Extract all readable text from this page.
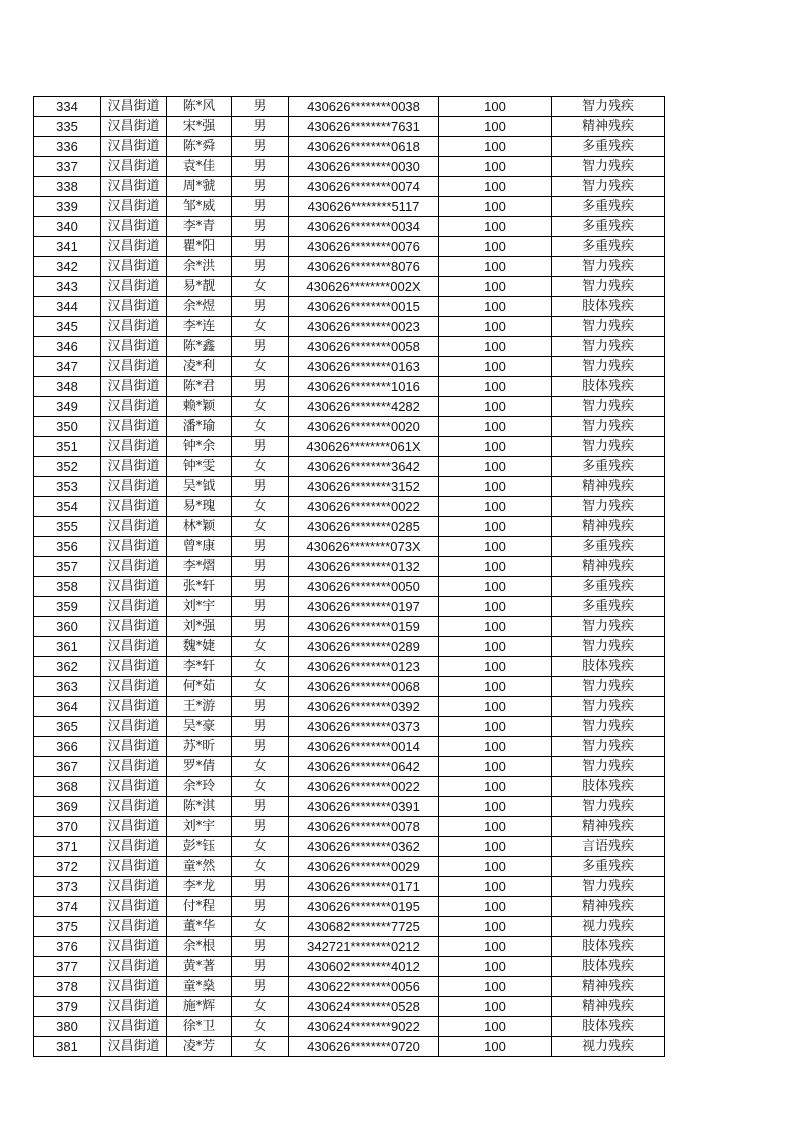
334	汉昌街道	陈*风	男	430626********0038	100	智力残疾
335	汉昌街道	宋*强	男	430626********7631	100	精神残疾
336	汉昌街道	陈*舜	男	430626********0618	100	多重残疾
337	汉昌街道	袁*佳	男	430626********0030	100	智力残疾
338	汉昌街道	周*虢	男	430626********0074	100	智力残疾
339	汉昌街道	邹*威	男	430626********5117	100	多重残疾
340	汉昌街道	李*青	男	430626********0034	100	多重残疾
341	汉昌街道	瞿*阳	男	430626********0076	100	多重残疾
342	汉昌街道	余*洪	男	430626********8076	100	智力残疾
343	汉昌街道	易*靓	女	430626********002X	100	智力残疾
344	汉昌街道	余*煜	男	430626********0015	100	肢体残疾
345	汉昌街道	李*连	女	430626********0023	100	智力残疾
346	汉昌街道	陈*鑫	男	430626********0058	100	智力残疾
347	汉昌街道	凌*利	女	430626********0163	100	智力残疾
348	汉昌街道	陈*君	男	430626********1016	100	肢体残疾
349	汉昌街道	赖*颖	女	430626********4282	100	智力残疾
350	汉昌街道	潘*瑜	女	430626********0020	100	智力残疾
351	汉昌街道	钟*余	男	430626********061X	100	智力残疾
352	汉昌街道	钟*雯	女	430626********3642	100	多重残疾
353	汉昌街道	吴*钺	男	430626********3152	100	精神残疾
354	汉昌街道	易*瑰	女	430626********0022	100	智力残疾
355	汉昌街道	林*颖	女	430626********0285	100	精神残疾
356	汉昌街道	曾*康	男	430626********073X	100	多重残疾
357	汉昌街道	李*熠	男	430626********0132	100	精神残疾
358	汉昌街道	张*轩	男	430626********0050	100	多重残疾
359	汉昌街道	刘*宇	男	430626********0197	100	多重残疾
360	汉昌街道	刘*强	男	430626********0159	100	智力残疾
361	汉昌街道	魏*婕	女	430626********0289	100	智力残疾
362	汉昌街道	李*轩	女	430626********0123	100	肢体残疾
363	汉昌街道	何*茹	女	430626********0068	100	智力残疾
364	汉昌街道	王*游	男	430626********0392	100	智力残疾
365	汉昌街道	吴*豪	男	430626********0373	100	智力残疾
366	汉昌街道	苏*昕	男	430626********0014	100	智力残疾
367	汉昌街道	罗*倩	女	430626********0642	100	智力残疾
368	汉昌街道	余*玲	女	430626********0022	100	肢体残疾
369	汉昌街道	陈*淇	男	430626********0391	100	智力残疾
370	汉昌街道	刘*宇	男	430626********0078	100	精神残疾
371	汉昌街道	彭*钰	女	430626********0362	100	言语残疾
372	汉昌街道	童*然	女	430626********0029	100	多重残疾
373	汉昌街道	李*龙	男	430626********0171	100	智力残疾
374	汉昌街道	付*程	男	430626********0195	100	精神残疾
375	汉昌街道	董*华	女	430682********7725	100	视力残疾
376	汉昌街道	余*根	男	342721********0212	100	肢体残疾
377	汉昌街道	黄*著	男	430602********4012	100	肢体残疾
378	汉昌街道	童*燊	男	430622********0056	100	精神残疾
379	汉昌街道	施*辉	女	430624********0528	100	精神残疾
380	汉昌街道	徐*卫	女	430624********9022	100	肢体残疾
381	汉昌街道	凌*芳	女	430626********0720	100	视力残疾
